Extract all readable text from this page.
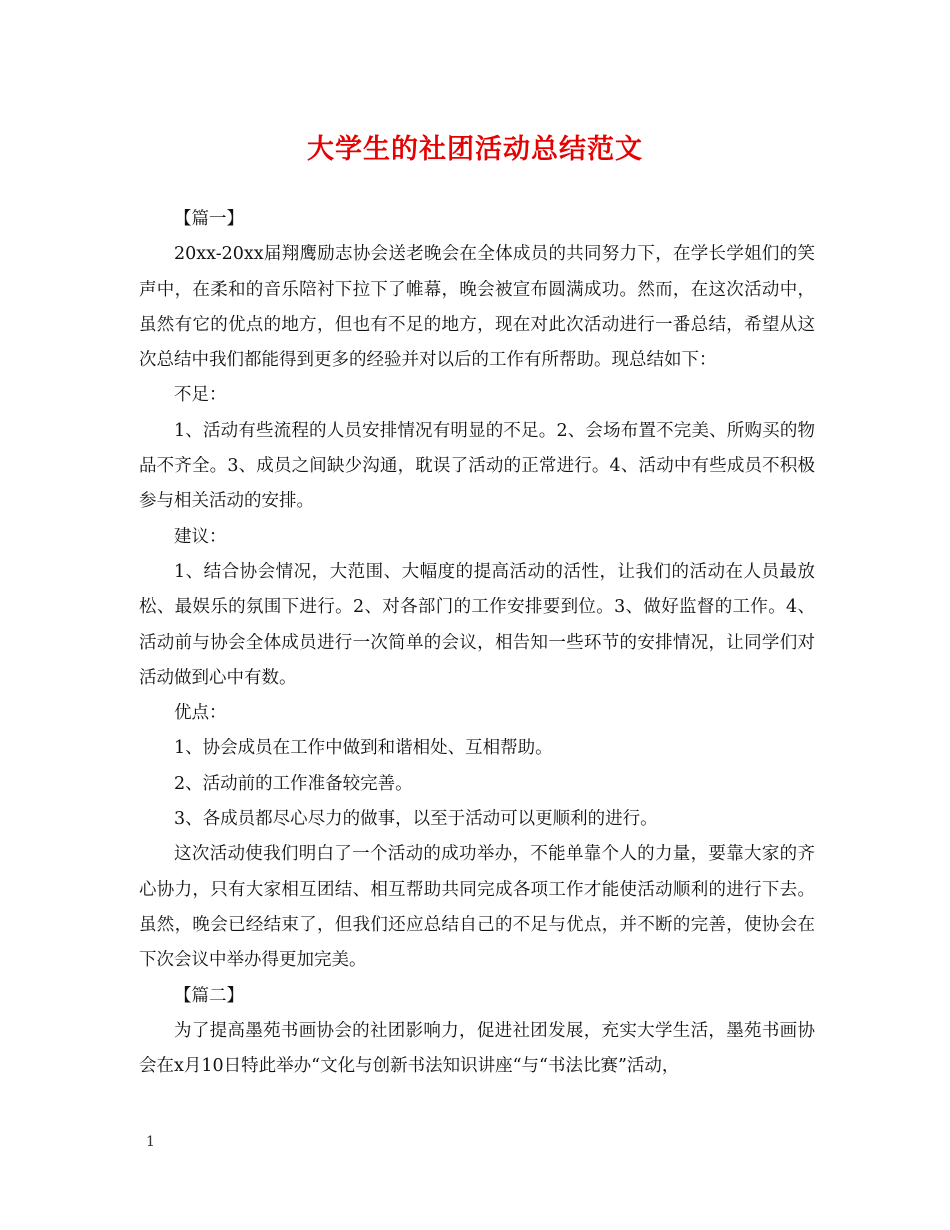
大学生的社团活动总结范文

【篇一】

20xx-20xx届翔鹰励志协会送老晚会在全体成员的共同努力下，在学长学姐们的笑声中，在柔和的音乐陪衬下拉下了帷幕，晚会被宣布圆满成功。然而，在这次活动中，虽然有它的优点的地方，但也有不足的地方，现在对此次活动进行一番总结，希望从这次总结中我们都能得到更多的经验并对以后的工作有所帮助。现总结如下：

不足：

1、活动有些流程的人员安排情况有明显的不足。2、会场布置不完美、所购买的物品不齐全。3、成员之间缺少沟通，耽误了活动的正常进行。4、活动中有些成员不积极参与相关活动的安排。

建议：

1、结合协会情况，大范围、大幅度的提高活动的活性，让我们的活动在人员最放松、最娱乐的氛围下进行。2、对各部门的工作安排要到位。3、做好监督的工作。4、活动前与协会全体成员进行一次简单的会议，相告知一些环节的安排情况，让同学们对活动做到心中有数。

优点：

1、协会成员在工作中做到和谐相处、互相帮助。

2、活动前的工作准备较完善。

3、各成员都尽心尽力的做事，以至于活动可以更顺利的进行。

这次活动使我们明白了一个活动的成功举办，不能单靠个人的力量，要靠大家的齐心协力，只有大家相互团结、相互帮助共同完成各项工作才能使活动顺利的进行下去。虽然，晚会已经结束了，但我们还应总结自己的不足与优点，并不断的完善，使协会在下次会议中举办得更加完美。

【篇二】

为了提高墨苑书画协会的社团影响力，促进社团发展，充实大学生活，墨苑书画协会在x月10日特此举办“文化与创新书法知识讲座“与“书法比赛”活动，

1
